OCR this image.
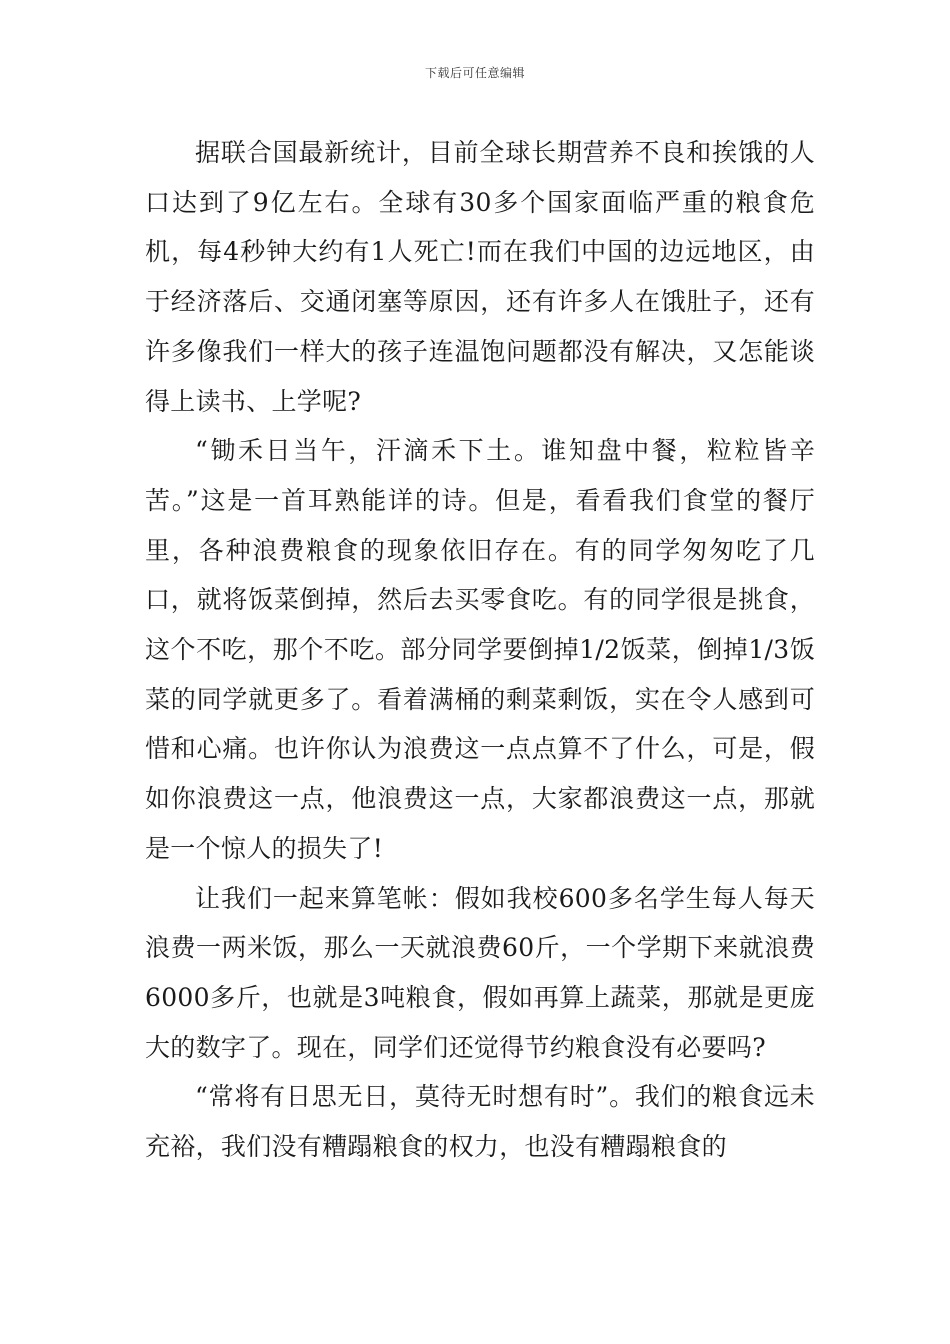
下载后可任意编辑

据联合国最新统计，目前全球长期营养不良和挨饿的人口达到了9亿左右。全球有30多个国家面临严重的粮食危机，每4秒钟大约有1人死亡!而在我们中国的边远地区，由于经济落后、交通闭塞等原因，还有许多人在饿肚子，还有许多像我们一样大的孩子连温饱问题都没有解决，又怎能谈得上读书、上学呢?

“锄禾日当午，汗滴禾下土。谁知盘中餐，粒粒皆辛苦。”这是一首耳熟能详的诗。但是，看看我们食堂的餐厅里，各种浪费粮食的现象依旧存在。有的同学匆匆吃了几口，就将饭菜倒掉，然后去买零食吃。有的同学很是挑食，这个不吃，那个不吃。部分同学要倒掉1/2饭菜，倒掉1/3饭菜的同学就更多了。看着满桶的剩菜剩饭，实在令人感到可惜和心痛。也许你认为浪费这一点点算不了什么，可是，假如你浪费这一点，他浪费这一点，大家都浪费这一点，那就是一个惊人的损失了!

让我们一起来算笔帐：假如我校600多名学生每人每天浪费一两米饭，那么一天就浪费60斤，一个学期下来就浪费6000多斤，也就是3吨粮食，假如再算上蔬菜，那就是更庞大的数字了。现在，同学们还觉得节约粮食没有必要吗?

“常将有日思无日，莫待无时想有时”。我们的粮食远未充裕，我们没有糟蹋粮食的权力，也没有糟蹋粮食的
